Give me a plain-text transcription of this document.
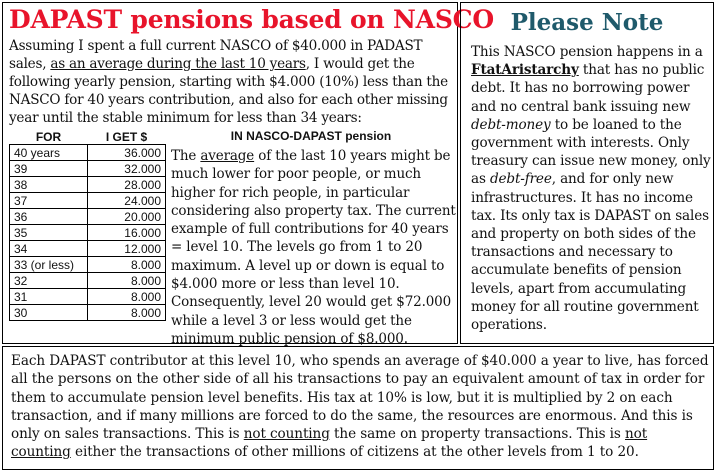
DAPAST pensions based on NASCO
Assuming I spent a full current NASCO of $40.000 in PADAST sales, as an average during the last 10 years, I would get the following yearly pension, starting with $4.000 (10%) less than the NASCO for 40 years contribution, and also for each other missing year until the stable minimum for less than 34 years:
FOR	I GET $
40 years	36.000
39	32.000
38	28.000
37	24.000
36	20.000
35	16.000
34	12.000
33 (or less)	8.000
32	8.000
31	8.000
30	8.000
IN NASCO-DAPAST pension
The average of the last 10 years might be much lower for poor people, or much higher for rich people, in particular considering also property tax. The current example of full contributions for 40 years = level 10. The levels go from 1 to 20 maximum. A level up or down is equal to $4.000 more or less than level 10. Consequently, level 20 would get $72.000 while a level 3 or less would get the minimum public pension of $8.000.
Please Note
This NASCO pension happens in a FtatAristarchy that has no public debt. It has no borrowing power and no central bank issuing new debt-money to be loaned to the government with interests. Only treasury can issue new money, only as debt-free, and for only new infrastructures. It has no income tax. Its only tax is DAPAST on sales and property on both sides of the transactions and necessary to accumulate benefits of pension levels, apart from accumulating money for all routine government operations.
Each DAPAST contributor at this level 10, who spends an average of $40.000 a year to live, has forced all the persons on the other side of all his transactions to pay an equivalent amount of tax in order for them to accumulate pension level benefits. His tax at 10% is low, but it is multiplied by 2 on each transaction, and if many millions are forced to do the same, the resources are enormous. And this is only on sales transactions. This is not counting the same on property transactions. This is not counting either the transactions of other millions of citizens at the other levels from 1 to 20.
